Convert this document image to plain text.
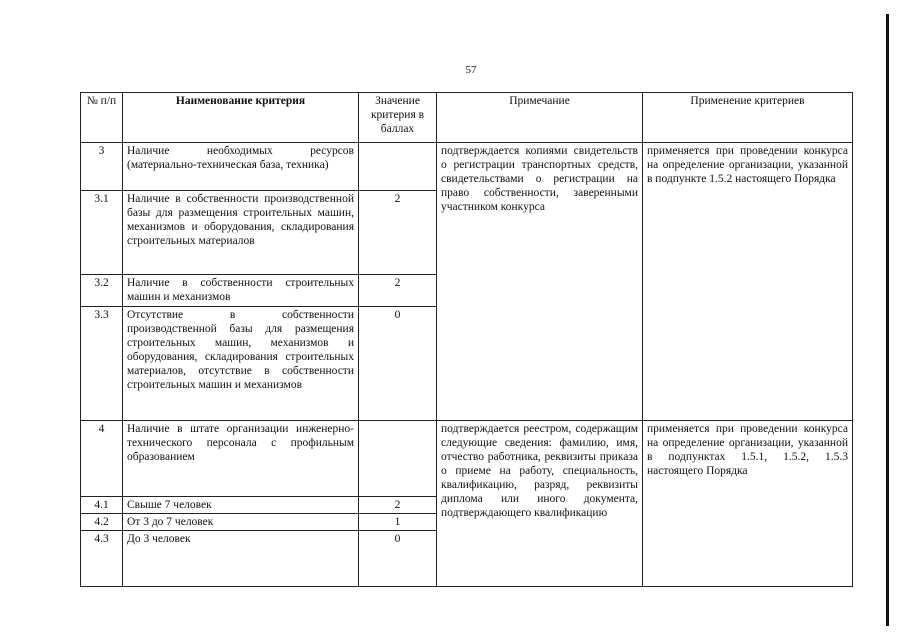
57
№ п/п	Наименование критерия	Значение критерия в баллах	Примечание	Применение критериев
3	Наличие необходимых ресурсов (материально-техническая база, техника)		подтверждается копиями свидетельств о регистрации транспортных средств, свидетельствами о регистрации на право собственности, заверенными участником конкурса	применяется при проведении конкурса на определение организации, указанной в подпункте 1.5.2 настоящего Порядка
3.1	Наличие в собственности производственной базы для размещения строительных машин, механизмов и оборудования, складирования строительных материалов	2		
3.2	Наличие в собственности строительных машин и механизмов	2		
3.3	Отсутствие в собственности производственной базы для размещения строительных машин, механизмов и оборудования, складирования строительных материалов, отсутствие в собственности строительных машин и механизмов	0		
4	Наличие в штате организации инженерно-технического персонала с профильным образованием		подтверждается реестром, содержащим следующие сведения: фамилию, имя, отчество работника, реквизиты приказа о приеме на работу, специальность, квалификацию, разряд, реквизиты диплома или иного документа, подтверждающего квалификацию	применяется при проведении конкурса на определение организации, указанной в подпунктах 1.5.1, 1.5.2, 1.5.3 настоящего Порядка
4.1	Свыше 7 человек	2		
4.2	От 3 до 7 человек	1		
4.3	До 3 человек	0		
